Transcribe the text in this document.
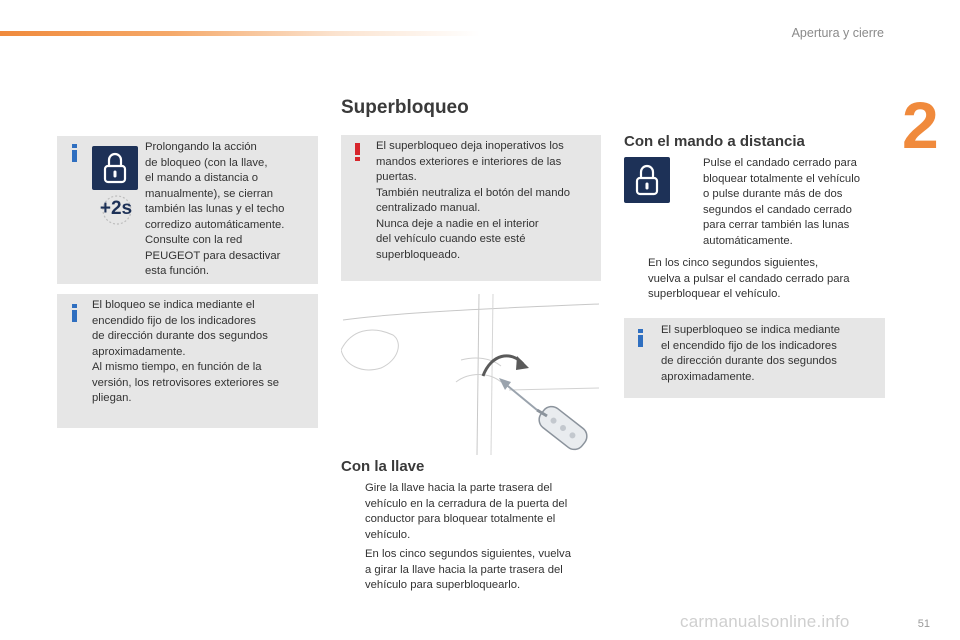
Apertura y cierre
2
Superbloqueo
+2s
Prolongando la acción
de bloqueo (con la llave,
el mando a distancia o
manualmente), se cierran
también las lunas y el techo
corredizo automáticamente.
Consulte con la red
PEUGEOT para desactivar
esta función.
El bloqueo se indica mediante el
encendido fijo de los indicadores
de dirección durante dos segundos
aproximadamente.
Al mismo tiempo, en función de la
versión, los retrovisores exteriores se
pliegan.
El superbloqueo deja inoperativos los
mandos exteriores e interiores de las
puertas.
También neutraliza el botón del mando
centralizado manual.
Nunca deje a nadie en el interior
del vehículo cuando este esté
superbloqueado.
Con la llave
Gire la llave hacia la parte trasera del
vehículo en la cerradura de la puerta del
conductor para bloquear totalmente el
vehículo.
En los cinco segundos siguientes, vuelva
a girar la llave hacia la parte trasera del
vehículo para superbloquearlo.
Con el mando a distancia
Pulse el candado cerrado para
bloquear totalmente el vehículo
o pulse durante más de dos
segundos el candado cerrado
para cerrar también las lunas
automáticamente.
En los cinco segundos siguientes,
vuelva a pulsar el candado cerrado para
superbloquear el vehículo.
El superbloqueo se indica mediante
el encendido fijo de los indicadores
de dirección durante dos segundos
aproximadamente.
carmanualsonline.info	51
